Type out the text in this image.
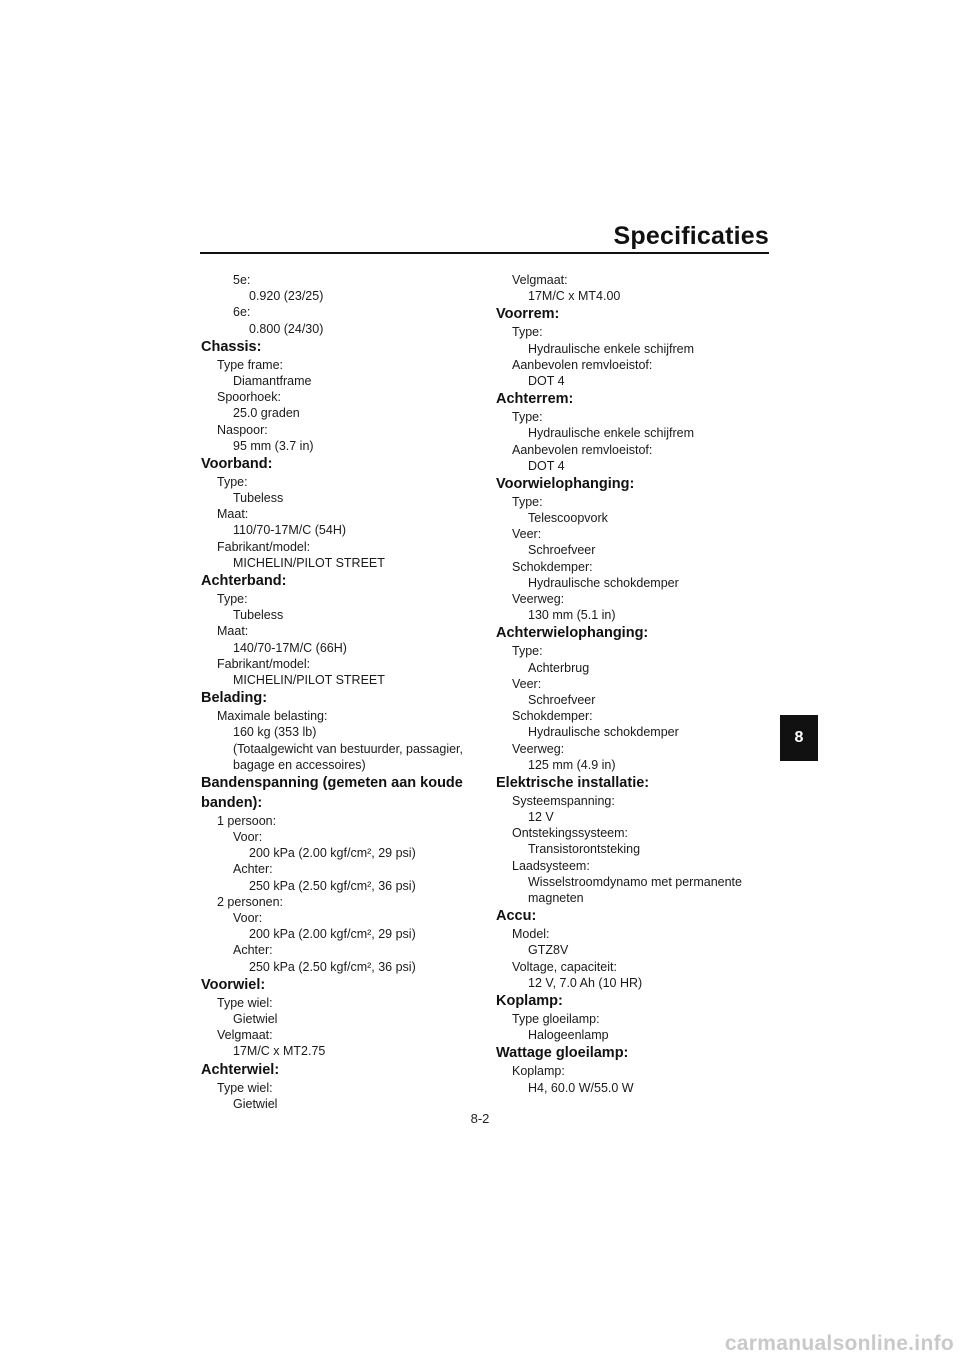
Specificaties
5e:
0.920 (23/25)
6e:
0.800 (24/30)
Chassis:
Type frame:
Diamantframe
Spoorhoek:
25.0 graden
Naspoor:
95 mm (3.7 in)
Voorband:
Type:
Tubeless
Maat:
110/70-17M/C (54H)
Fabrikant/model:
MICHELIN/PILOT STREET
Achterband:
Type:
Tubeless
Maat:
140/70-17M/C (66H)
Fabrikant/model:
MICHELIN/PILOT STREET
Belading:
Maximale belasting:
160 kg (353 lb)
(Totaalgewicht van bestuurder, passagier,
bagage en accessoires)
Bandenspanning (gemeten aan koude banden):
1 persoon:
Voor:
200 kPa (2.00 kgf/cm², 29 psi)
Achter:
250 kPa (2.50 kgf/cm², 36 psi)
2 personen:
Voor:
200 kPa (2.00 kgf/cm², 29 psi)
Achter:
250 kPa (2.50 kgf/cm², 36 psi)
Voorwiel:
Type wiel:
Gietwiel
Velgmaat:
17M/C x MT2.75
Achterwiel:
Type wiel:
Gietwiel
Velgmaat:
17M/C x MT4.00
Voorrem:
Type:
Hydraulische enkele schijfrem
Aanbevolen remvloeistof:
DOT 4
Achterrem:
Type:
Hydraulische enkele schijfrem
Aanbevolen remvloeistof:
DOT 4
Voorwielophanging:
Type:
Telescoopvork
Veer:
Schroefveer
Schokdemper:
Hydraulische schokdemper
Veerweg:
130 mm (5.1 in)
Achterwielophanging:
Type:
Achterbrug
Veer:
Schroefveer
Schokdemper:
Hydraulische schokdemper
Veerweg:
125 mm (4.9 in)
Elektrische installatie:
Systeemspanning:
12 V
Ontstekingssysteem:
Transistorontsteking
Laadsysteem:
Wisselstroomdynamo met permanente
magneten
Accu:
Model:
GTZ8V
Voltage, capaciteit:
12 V, 7.0 Ah (10 HR)
Koplamp:
Type gloeilamp:
Halogeenlamp
Wattage gloeilamp:
Koplamp:
H4, 60.0 W/55.0 W
8
8-2
carmanualsonline.info
